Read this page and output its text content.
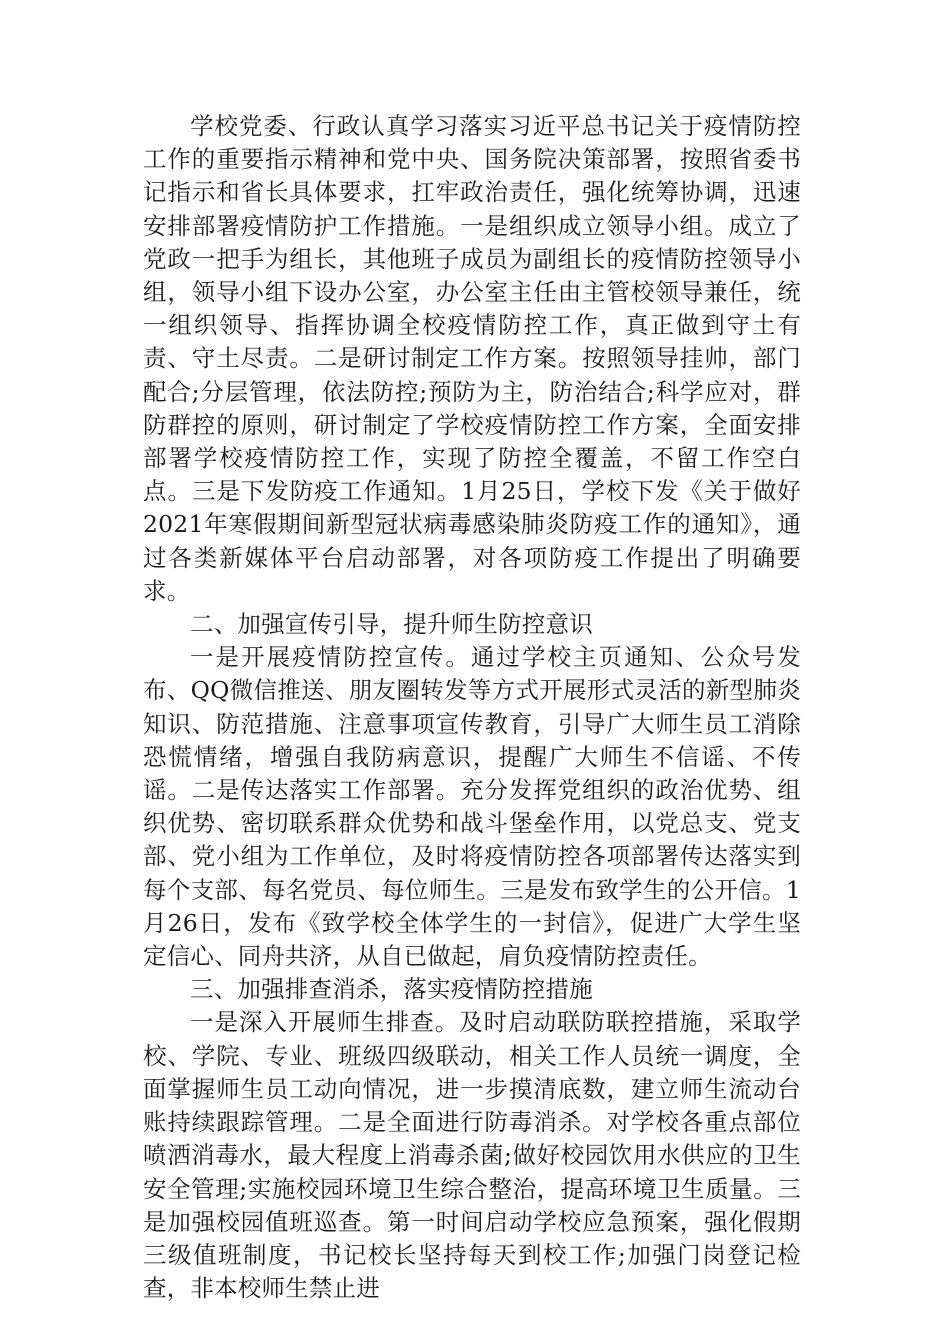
学校党委、行政认真学习落实习近平总书记关于疫情防控工作的重要指示精神和党中央、国务院决策部署，按照省委书记指示和省长具体要求，扛牢政治责任，强化统筹协调，迅速安排部署疫情防护工作措施。一是组织成立领导小组。成立了党政一把手为组长，其他班子成员为副组长的疫情防控领导小组，领导小组下设办公室，办公室主任由主管校领导兼任，统一组织领导、指挥协调全校疫情防控工作，真正做到守土有责、守土尽责。二是研讨制定工作方案。按照领导挂帅，部门配合;分层管理，依法防控;预防为主，防治结合;科学应对，群防群控的原则，研讨制定了学校疫情防控工作方案，全面安排部署学校疫情防控工作，实现了防控全覆盖，不留工作空白点。三是下发防疫工作通知。1月25日，学校下发《关于做好2021年寒假期间新型冠状病毒感染肺炎防疫工作的通知》，通过各类新媒体平台启动部署，对各项防疫工作提出了明确要求。

二、加强宣传引导，提升师生防控意识

一是开展疫情防控宣传。通过学校主页通知、公众号发布、QQ微信推送、朋友圈转发等方式开展形式灵活的新型肺炎知识、防范措施、注意事项宣传教育，引导广大师生员工消除恐慌情绪，增强自我防病意识，提醒广大师生不信谣、不传谣。二是传达落实工作部署。充分发挥党组织的政治优势、组织优势、密切联系群众优势和战斗堡垒作用，以党总支、党支部、党小组为工作单位，及时将疫情防控各项部署传达落实到每个支部、每名党员、每位师生。三是发布致学生的公开信。1月26日，发布《致学校全体学生的一封信》，促进广大学生坚定信心、同舟共济，从自已做起，肩负疫情防控责任。

三、加强排查消杀，落实疫情防控措施

一是深入开展师生排查。及时启动联防联控措施，采取学校、学院、专业、班级四级联动，相关工作人员统一调度，全面掌握师生员工动向情况，进一步摸清底数，建立师生流动台账持续跟踪管理。二是全面进行防毒消杀。对学校各重点部位喷洒消毒水，最大程度上消毒杀菌;做好校园饮用水供应的卫生安全管理;实施校园环境卫生综合整治，提高环境卫生质量。三是加强校园值班巡查。第一时间启动学校应急预案，强化假期三级值班制度，书记校长坚持每天到校工作;加强门岗登记检查，非本校师生禁止进
